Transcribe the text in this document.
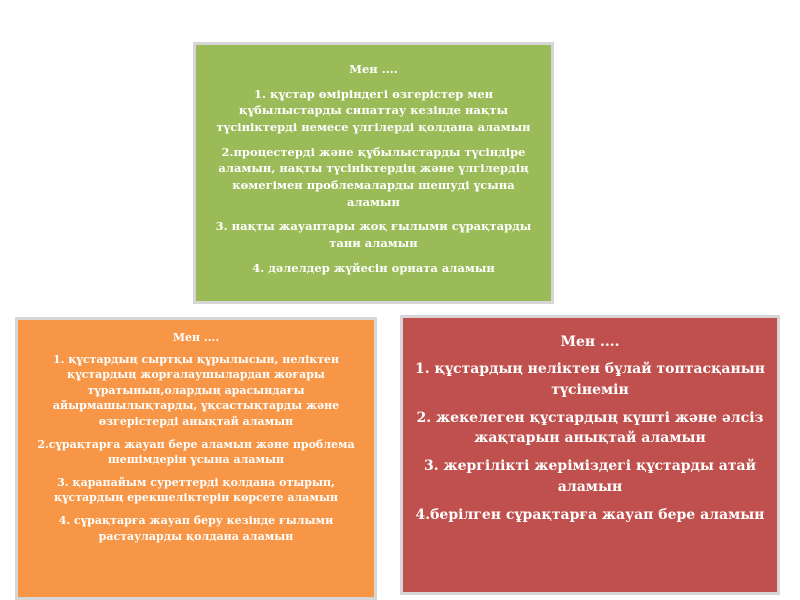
Мен ....

1. құстар өміріндегі өзгерістер мен құбылыстарды сипаттау кезінде нақты түсініктерді немесе үлгілерді қолдана аламын

2.процестерді және құбылыстарды түсіндіре аламын, нақты түсініктердің және үлгілердің көмегімен проблемаларды шешуді ұсына аламын

3. нақты жауаптары жоқ ғылыми сұрақтарды тани аламын

4. дәлелдер жүйесін орната аламын

Мен ....

1. құстардың сыртқы құрылысын, неліктен құстардың жорғалаушылардан жоғары тұратынын,олардың арасындағы айырмашылықтарды, ұқсастықтарды және өзгерістерді анықтай аламын

2.сұрақтарға жауап бере аламын және проблема шешімдерін ұсына аламын

3. қарапайым суреттерді қолдана отырып, құстардың ерекшеліктерін көрсете аламын

4. сұрақтарға жауап беру кезінде ғылыми растауларды қолдана аламын

Мен ....

1. құстардың неліктен бұлай топтасқанын түсінемін

2. жекелеген құстардың күшті және әлсіз жақтарын анықтай аламын

3. жергілікті жеріміздегі құстарды атай аламын

4.берілген сұрақтарға жауап бере аламын
